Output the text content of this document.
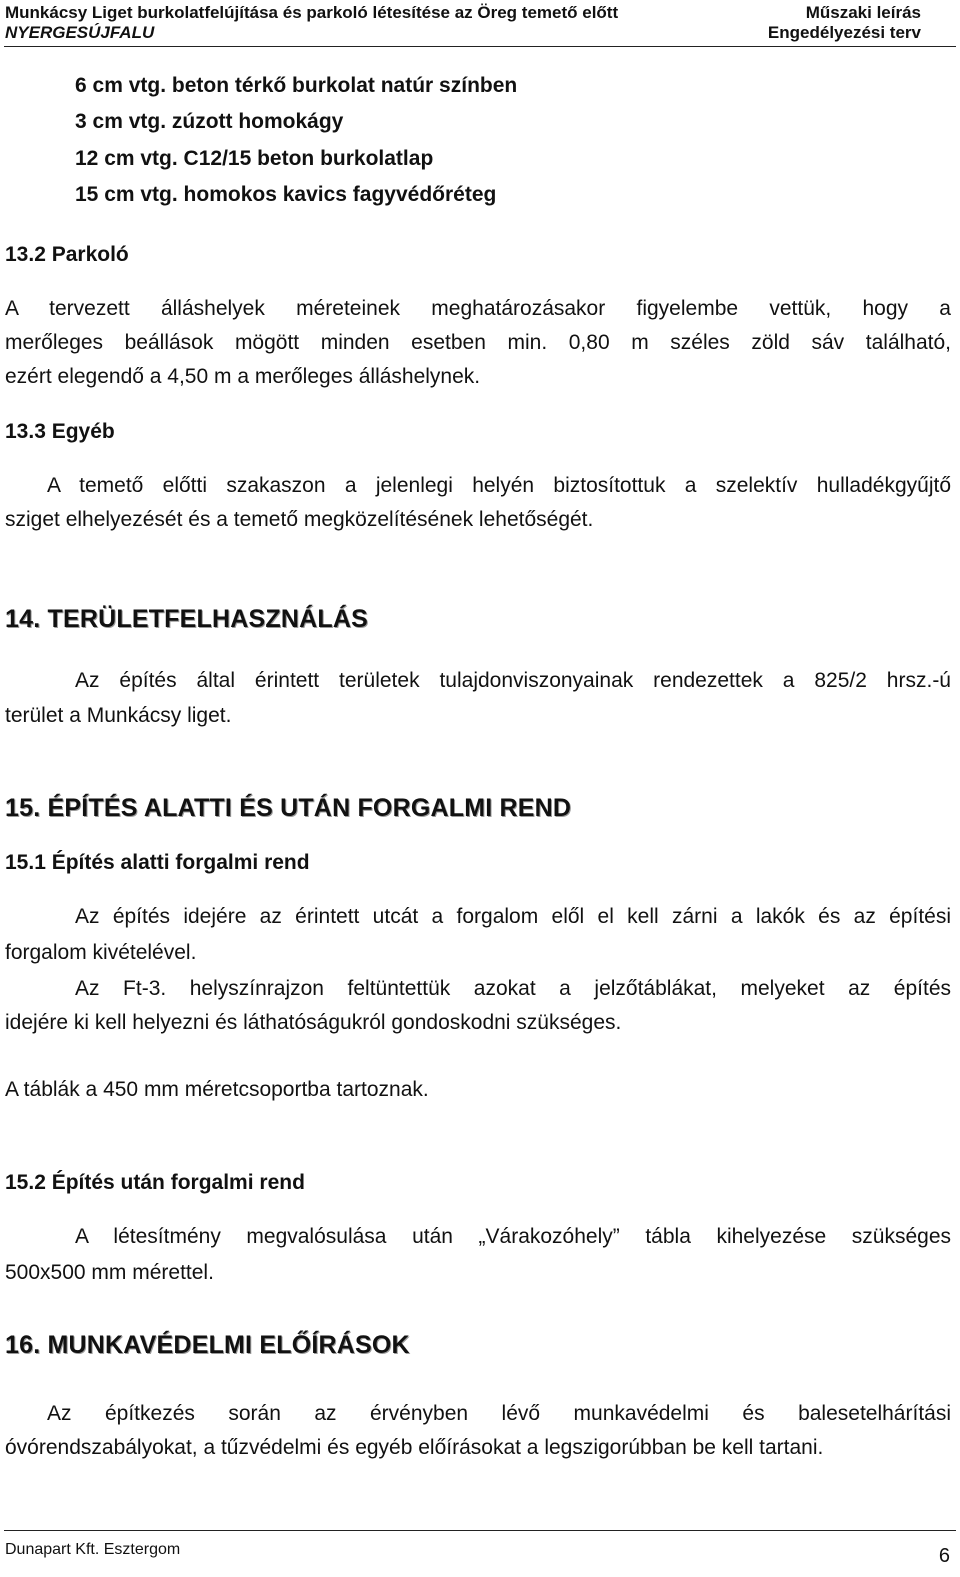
Munkácsy Liget burkolatfelújítása és parkoló létesítése az Öreg temető előtt
NYERGESÚJFALU
Műszaki leírás
Engedélyezési terv
6 cm vtg. beton térkő burkolat natúr színben
3 cm vtg. zúzott homokágy
12 cm vtg. C12/15 beton burkolatlap
15 cm vtg. homokos kavics fagyvédőréteg
13.2 Parkoló
A tervezett álláshelyek méreteinek meghatározásakor figyelembe vettük, hogy a
merőleges beállások mögött minden esetben min. 0,80 m széles zöld sáv található,
ezért elegendő a 4,50 m a merőleges álláshelynek.
13.3 Egyéb
A temető előtti szakaszon a jelenlegi helyén biztosítottuk a szelektív hulladékgyűjtő
sziget elhelyezését és a temető megközelítésének lehetőségét.
14. TERÜLETFELHASZNÁLÁS
Az építés által érintett területek tulajdonviszonyainak rendezettek a 825/2 hrsz.-ú
terület a Munkácsy liget.
15. ÉPÍTÉS ALATTI ÉS UTÁN FORGALMI REND
15.1 Építés alatti forgalmi rend
Az építés idejére az érintett utcát a forgalom elől el kell zárni a lakók és az építési
forgalom kivételével.
Az Ft-3. helyszínrajzon feltüntettük azokat a jelzőtáblákat, melyeket az építés
idejére ki kell helyezni és láthatóságukról gondoskodni szükséges.
A táblák a 450 mm méretcsoportba tartoznak.
15.2 Építés után forgalmi rend
A létesítmény megvalósulása után „Várakozóhely” tábla kihelyezése szükséges
500x500 mm mérettel.
16. MUNKAVÉDELMI ELŐÍRÁSOK
Az építkezés során az érvényben lévő munkavédelmi és balesetelhárítási
óvórendszabályokat, a tűzvédelmi és egyéb előírásokat a legszigorúbban be kell tartani.
Dunapart Kft. Esztergom	6
